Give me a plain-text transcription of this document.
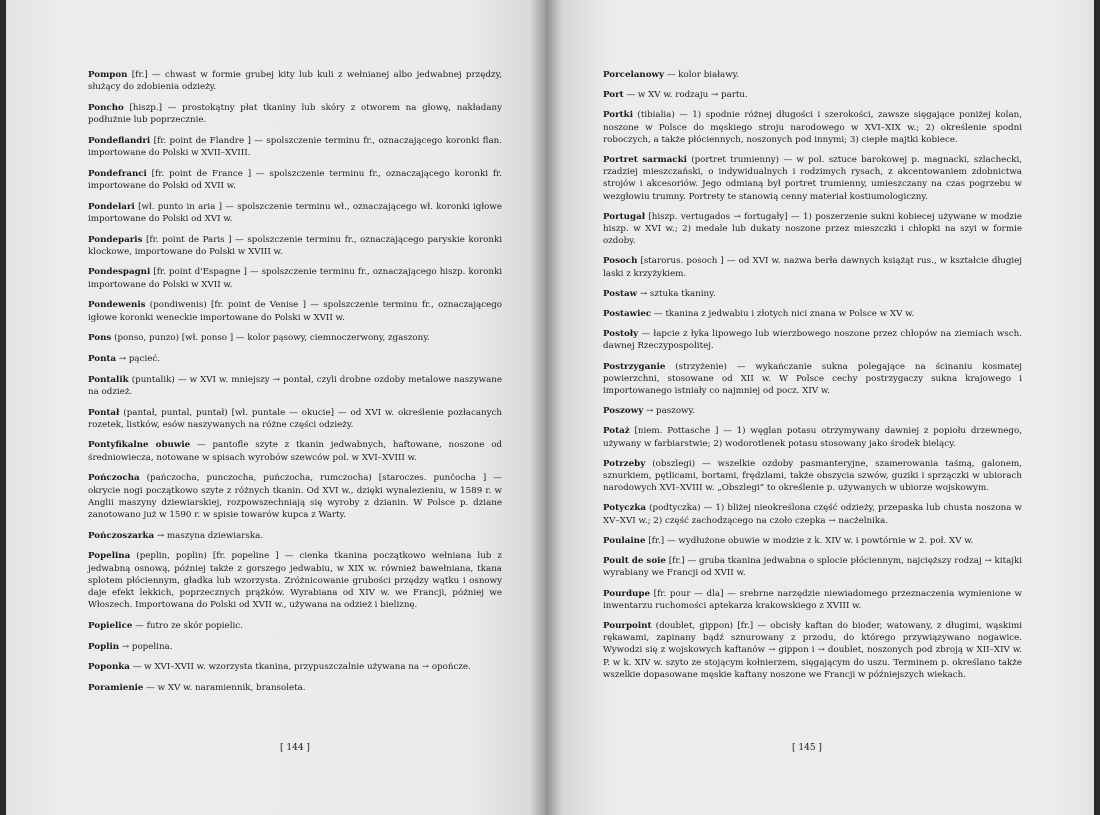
Pompon [fr.] — chwast w formie grubej kity lub kuli z wełnianej albo jedwabnej przędzy, służący do zdobienia odzieży.

Poncho [hiszp.] — prostokątny płat tkaniny lub skóry z otworem na głowę, nakładany podłużnie lub poprzecznie.

Pondeflandri [fr. point de Flandre ] — spolszczenie terminu fr., oznaczającego koronki flan. importowane do Polski w XVII–XVIII.

Pondefranci [fr. point de France ] — spolszczenie terminu fr., oznaczającego koronki fr. importowane do Polski od XVII w.

Pondelari [wł. punto in aria ] — spolszczenie terminu wł., oznaczającego wł. koronki igłowe importowane do Polski od XVI w.

Pondeparis [fr. point de Paris ] — spolszczenie terminu fr., oznaczającego paryskie koronki klockowe, importowane do Polski w XVIII w.

Pondespagni [fr. point d'Espagne ] — spolszczenie terminu fr., oznaczającego hiszp. koronki importowane do Polski w XVII w.

Pondewenis (pondiwenis) [fr. point de Venise ] — spolszczenie terminu fr., oznaczającego igłowe koronki weneckie importowane do Polski w XVII w.

Pons (ponso, punzo) [wł. ponso ] — kolor pąsowy, ciemnoczerwony, zgaszony.

Ponta → pącieć.

Pontalik (puntalik) — w XVI w. mniejszy → pontał, czyli drobne ozdoby metalowe naszywane na odzież.

Pontał (pantał, puntal, puntał) [wł. puntale — okucie] — od XVI w. określenie pozłacanych rozetek, listków, esów naszywanych na różne części odzieży.

Pontyfikalne obuwie — pantofle szyte z tkanin jedwabnych, haftowane, noszone od średniowiecza, notowane w spisach wyrobów szewców pol. w XVI–XVIII w.

Pończocha (pańczocha, punczocha, puńczocha, rumczocha) [staroczes. punčocha ] — okrycie nogi początkowo szyte z różnych tkanin. Od XVI w., dzięki wynalezieniu, w 1589 r. w Anglii maszyny dziewiarskiej, rozpowszechniają się wyroby z dzianin. W Polsce p. dziane zanotowano już w 1590 r. w spisie towarów kupca z Warty.

Pończoszarka → maszyna dziewiarska.

Popelina (peplin, poplin) [fr. popeline ] — cienka tkanina początkowo wełniana lub z jedwabną osnową, później także z gorszego jedwabiu, w XIX w. również bawełniana, tkana splotem płóciennym, gładka lub wzorzysta. Zróżnicowanie grubości przędzy wątku i osnowy daje efekt lekkich, poprzecznych prążków. Wyrabiana od XIV w. we Francji, później we Włoszech. Importowana do Polski od XVII w., używana na odzież i bieliznę.

Popielice — futro ze skór popielic.

Poplin → popelina.

Poponka — w XVI–XVII w. wzorzysta tkanina, przypuszczalnie używana na → opończe.

Poramienie — w XV w. naramiennik, bransoleta.

[ 144 ]

Porcelanowy — kolor białawy.

Port — w XV w. rodzaju → partu.

Portki (tibialia) — 1) spodnie różnej długości i szerokości, zawsze sięgające poniżej kolan, noszone w Polsce do męskiego stroju narodowego w XVI–XIX w.; 2) określenie spodni roboczych, a także płóciennych, noszonych pod innymi; 3) ciepłe majtki kobiece.

Portret sarmacki (portret trumienny) — w pol. sztuce barokowej p. magnacki, szlachecki, rzadziej mieszczański, o indywidualnych i rodzimych rysach, z akcentowaniem zdobnictwa strojów i akcesoriów. Jego odmianą był portret trumienny, umieszczany na czas pogrzebu w wezgłowiu trumny. Portrety te stanowią cenny materiał kostiumologiczny.

Portugał [hiszp. vertugados → fortugały] — 1) poszerzenie sukni kobiecej używane w modzie hiszp. w XVI w.; 2) medale lub dukaty noszone przez mieszczki i chłopki na szyi w formie ozdoby.

Posoch [starorus. posoch ] — od XVI w. nazwa berła dawnych książąt rus., w kształcie długiej laski z krzyżykiem.

Postaw → sztuka tkaniny.

Postawiec — tkanina z jedwabiu i złotych nici znana w Polsce w XV w.

Postoły — łapcie z łyka lipowego lub wierzbowego noszone przez chłopów na ziemiach wsch. dawnej Rzeczypospolitej.

Postrzyganie (strzyżenie) — wykańczanie sukna polegające na ścinaniu kosmatej powierzchni, stosowane od XII w. W Polsce cechy postrzygaczy sukna krajowego i importowanego istniały co najmniej od pocz. XIV w.

Poszowy → paszowy.

Potaż [niem. Pottasche ] — 1) węglan potasu otrzymywany dawniej z popiołu drzewnego, używany w farbiarstwie; 2) wodorotlenek potasu stosowany jako środek bielący.

Potrzeby (obszlegi) — wszelkie ozdoby pasmanteryjne, szamerowania taśmą, galonem, sznurkiem, pętlicami, bortami, frędzlami, także obszycia szwów, guziki i sprzączki w ubiorach narodowych XVI–XVIII w. „Obszlegi” to określenie p. używanych w ubiorze wojskowym.

Potyczka (podtyczka) — 1) bliżej nieokreślona część odzieży, przepaska lub chusta noszona w XV–XVI w.; 2) część zachodzącego na czoło czepka → nacżelnika.

Poulaine [fr.] — wydłużone obuwie w modzie z k. XIV w. i powtórnie w 2. poł. XV w.

Poult de soie [fr.] — gruba tkanina jedwabna o splocie płóciennym, najcięższy rodzaj → kitajki wyrabiany we Francji od XVII w.

Pourdupe [fr. pour — dla] — srebrne narzędzie niewiadomego przeznaczenia wymienione w inwentarzu ruchomości aptekarza krakowskiego z XVIII w.

Pourpoint (doublet, gippon) [fr.] — obcisły kaftan do bioder, watowany, z długimi, wąskimi rękawami, zapinany bądź sznurowany z przodu, do którego przywiązywano nogawice. Wywodzi się z wojskowych kaftanów → gippon i → doublet, noszonych pod zbroją w XII–XIV w. P. w k. XIV w. szyto ze stojącym kołnierzem, sięgającym do uszu. Terminem p. określano także wszelkie dopasowane męskie kaftany noszone we Francji w późniejszych wiekach.

[ 145 ]
